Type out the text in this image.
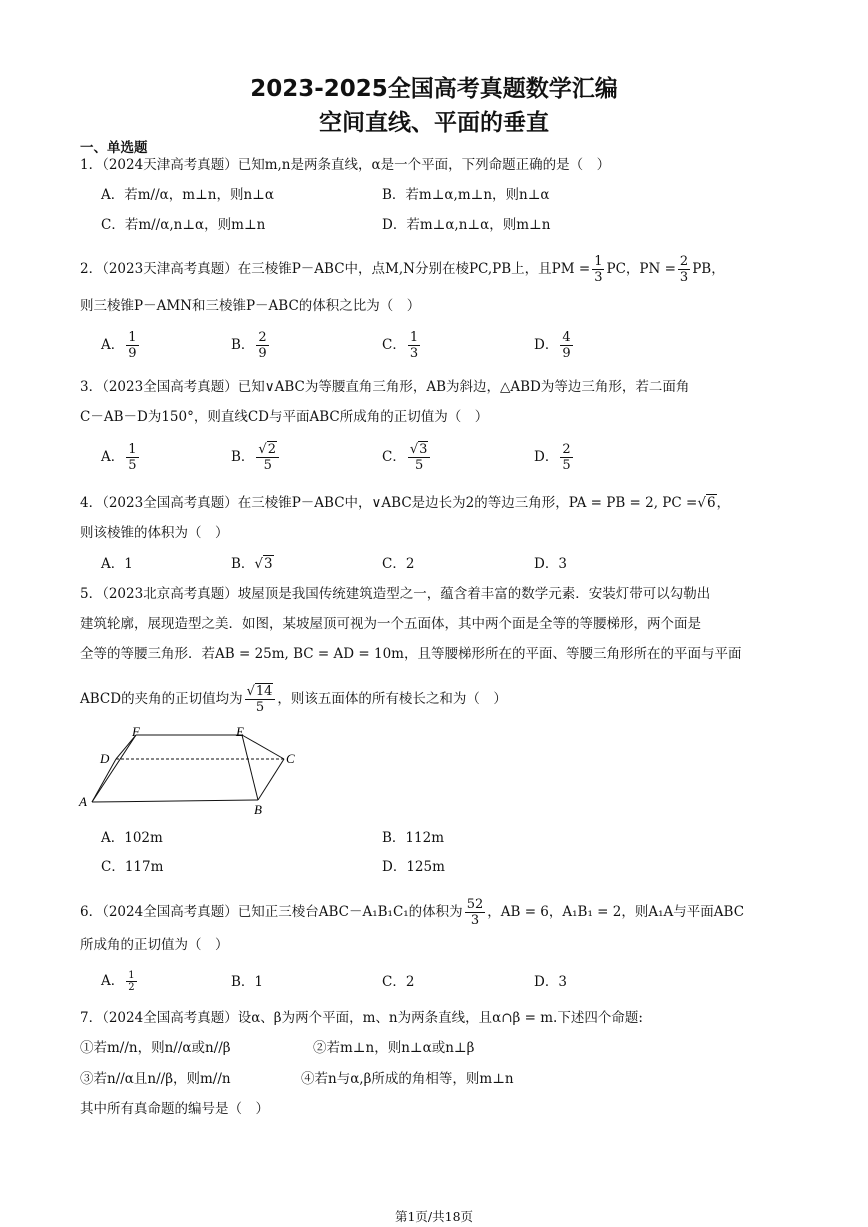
2023-2025全国高考真题数学汇编
空间直线、平面的垂直
一、单选题
1．（2024天津高考真题）已知m,n是两条直线，α是一个平面，下列命题正确的是（　）
A．若m//α，m⊥n，则n⊥α	B．若m⊥α,m⊥n，则n⊥α
C．若m//α,n⊥α，则m⊥n	D．若m⊥α,n⊥α，则m⊥n
2．（2023天津高考真题）在三棱锥P－ABC中，点M,N分别在棱PC,PB上，且PM = $\frac{1}{3}$ PC，PN = $\frac{2}{3}$ PB，
则三棱锥P－AMN和三棱锥P－ABC的体积之比为（　）
A． $\frac{1}{9}$	B． $\frac{2}{9}$	C． $\frac{1}{3}$	D． $\frac{4}{9}$
3．（2023全国高考真题）已知∨ABC为等腰直角三角形，AB为斜边，△ABD为等边三角形，若二面角
C－AB－D为150°，则直线CD与平面ABC所成角的正切值为（　）
A． $\frac{1}{5}$	B． $\frac{√2}{5}$	C． $\frac{√3}{5}$	D． $\frac{2}{5}$
4．（2023全国高考真题）在三棱锥P－ABC中，∨ABC是边长为2的等边三角形，PA = PB = 2, PC =√6，
则该棱锥的体积为（　）
A．1	B．√3	C．2	D．3
5．（2023北京高考真题）坡屋顶是我国传统建筑造型之一，蕴含着丰富的数学元素．安装灯带可以勾勒出
建筑轮廓，展现造型之美．如图，某坡屋顶可视为一个五面体，其中两个面是全等的等腰梯形，两个面是
全等的等腰三角形．若AB = 25m, BC = AD = 10m，且等腰梯形所在的平面、等腰三角形所在的平面与平面
ABCD的夹角的正切值均为 $\frac{√14}{5}$ ，则该五面体的所有棱长之和为（　）
F	E
D	C
A
B
A．102m	B．112m
C．117m	D．125m
6．（2024全国高考真题）已知正三棱台ABC－A₁B₁C₁的体积为 $\frac{52}{3}$ ，AB = 6，A₁B₁ = 2，则A₁A与平面ABC
所成角的正切值为（　）
A． $\frac{1}{2}$	B．1	C．2	D．3
7．（2024全国高考真题）设α、β为两个平面，m、n为两条直线，且α∩β = m.下述四个命题:
①若m//n，则n//α或n//β	②若m⊥n，则n⊥α或n⊥β
③若n//α且n//β，则m//n	④若n与α,β所成的角相等，则m⊥n
其中所有真命题的编号是（　）
第1页/共18页
